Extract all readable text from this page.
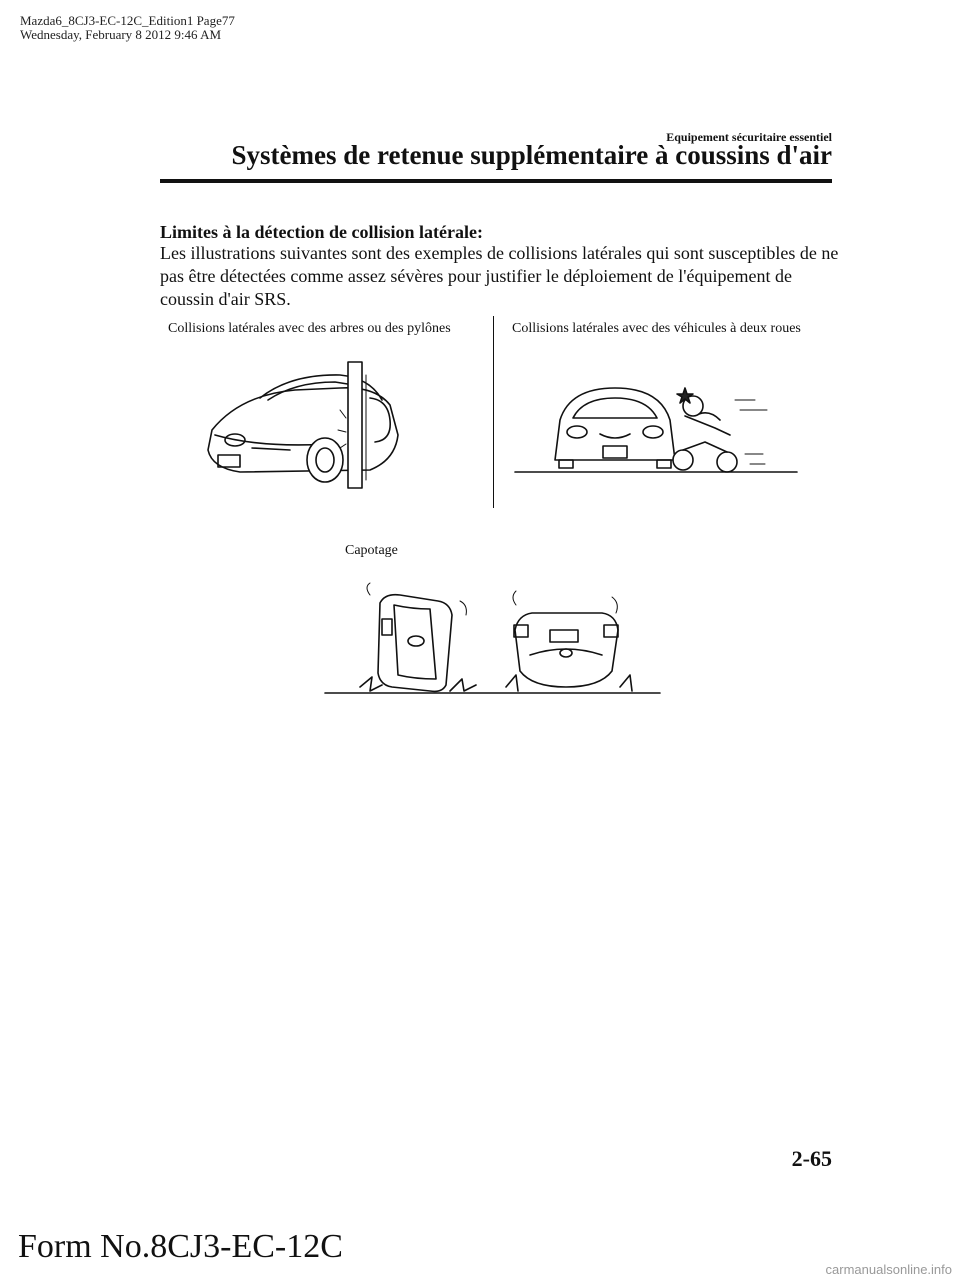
Mazda6_8CJ3-EC-12C_Edition1 Page77
Wednesday, February 8 2012 9:46 AM
Equipement sécuritaire essentiel
Systèmes de retenue supplémentaire à coussins d'air
Limites à la détection de collision latérale:
Les illustrations suivantes sont des exemples de collisions latérales qui sont susceptibles de ne pas être détectées comme assez sévères pour justifier le déploiement de l'équipement de coussin d'air SRS.
Collisions latérales avec des arbres ou des pylônes	Collisions latérales avec des véhicules à deux roues
Capotage
2-65
Form No.8CJ3-EC-12C
carmanualsonline.info
